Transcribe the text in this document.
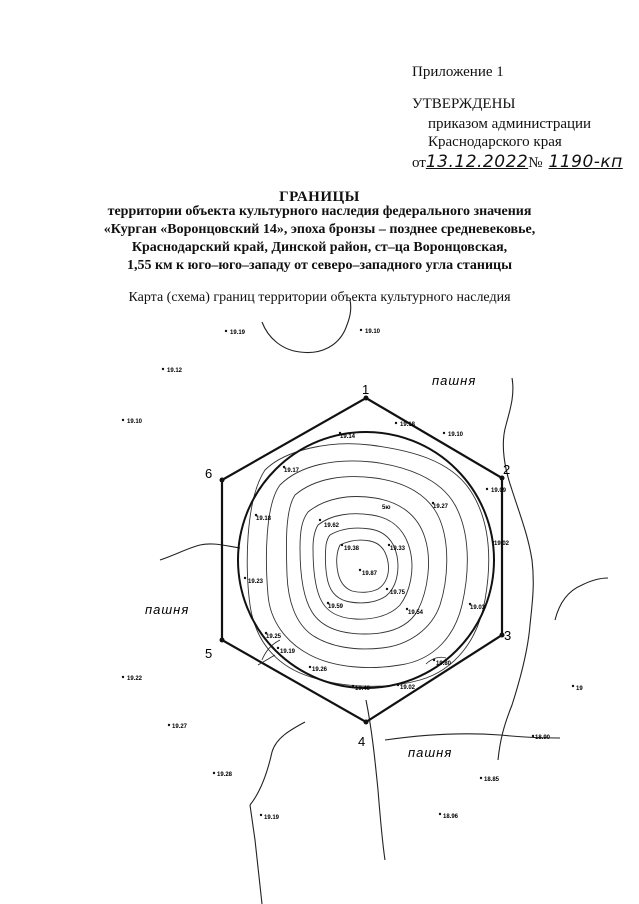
Приложение 1
УТВЕРЖДЕНЫ
приказом администрации
Краснодарского края
от13.12.2022№ 1190-кп
ГРАНИЦЫ
территории объекта культурного наследия федерального значения
«Курган «Воронцовский 14», эпоха бронзы – позднее средневековье,
Краснодарский край, Динской район, ст–ца Воронцовская,
1,55 км к юго–юго–западу от северо–западного угла станицы
Карта (схема) границ территории объекта культурного наследия
1
2
3
4
5
6
пашня
пашня
пашня
5ю
19.19	19.10
19.12
19.10	19.18
19.10
19.14
19.17
19.09
19.27
19.18
19.62
19.38	19.33
19.02
19.87
19.23
19.75
19.59
19.54
19.03
19.25
19.19
19.80
19.22
19.26
19.40	19.02
19.27
18.90
19.28
18.85
19.19	18.96
19
